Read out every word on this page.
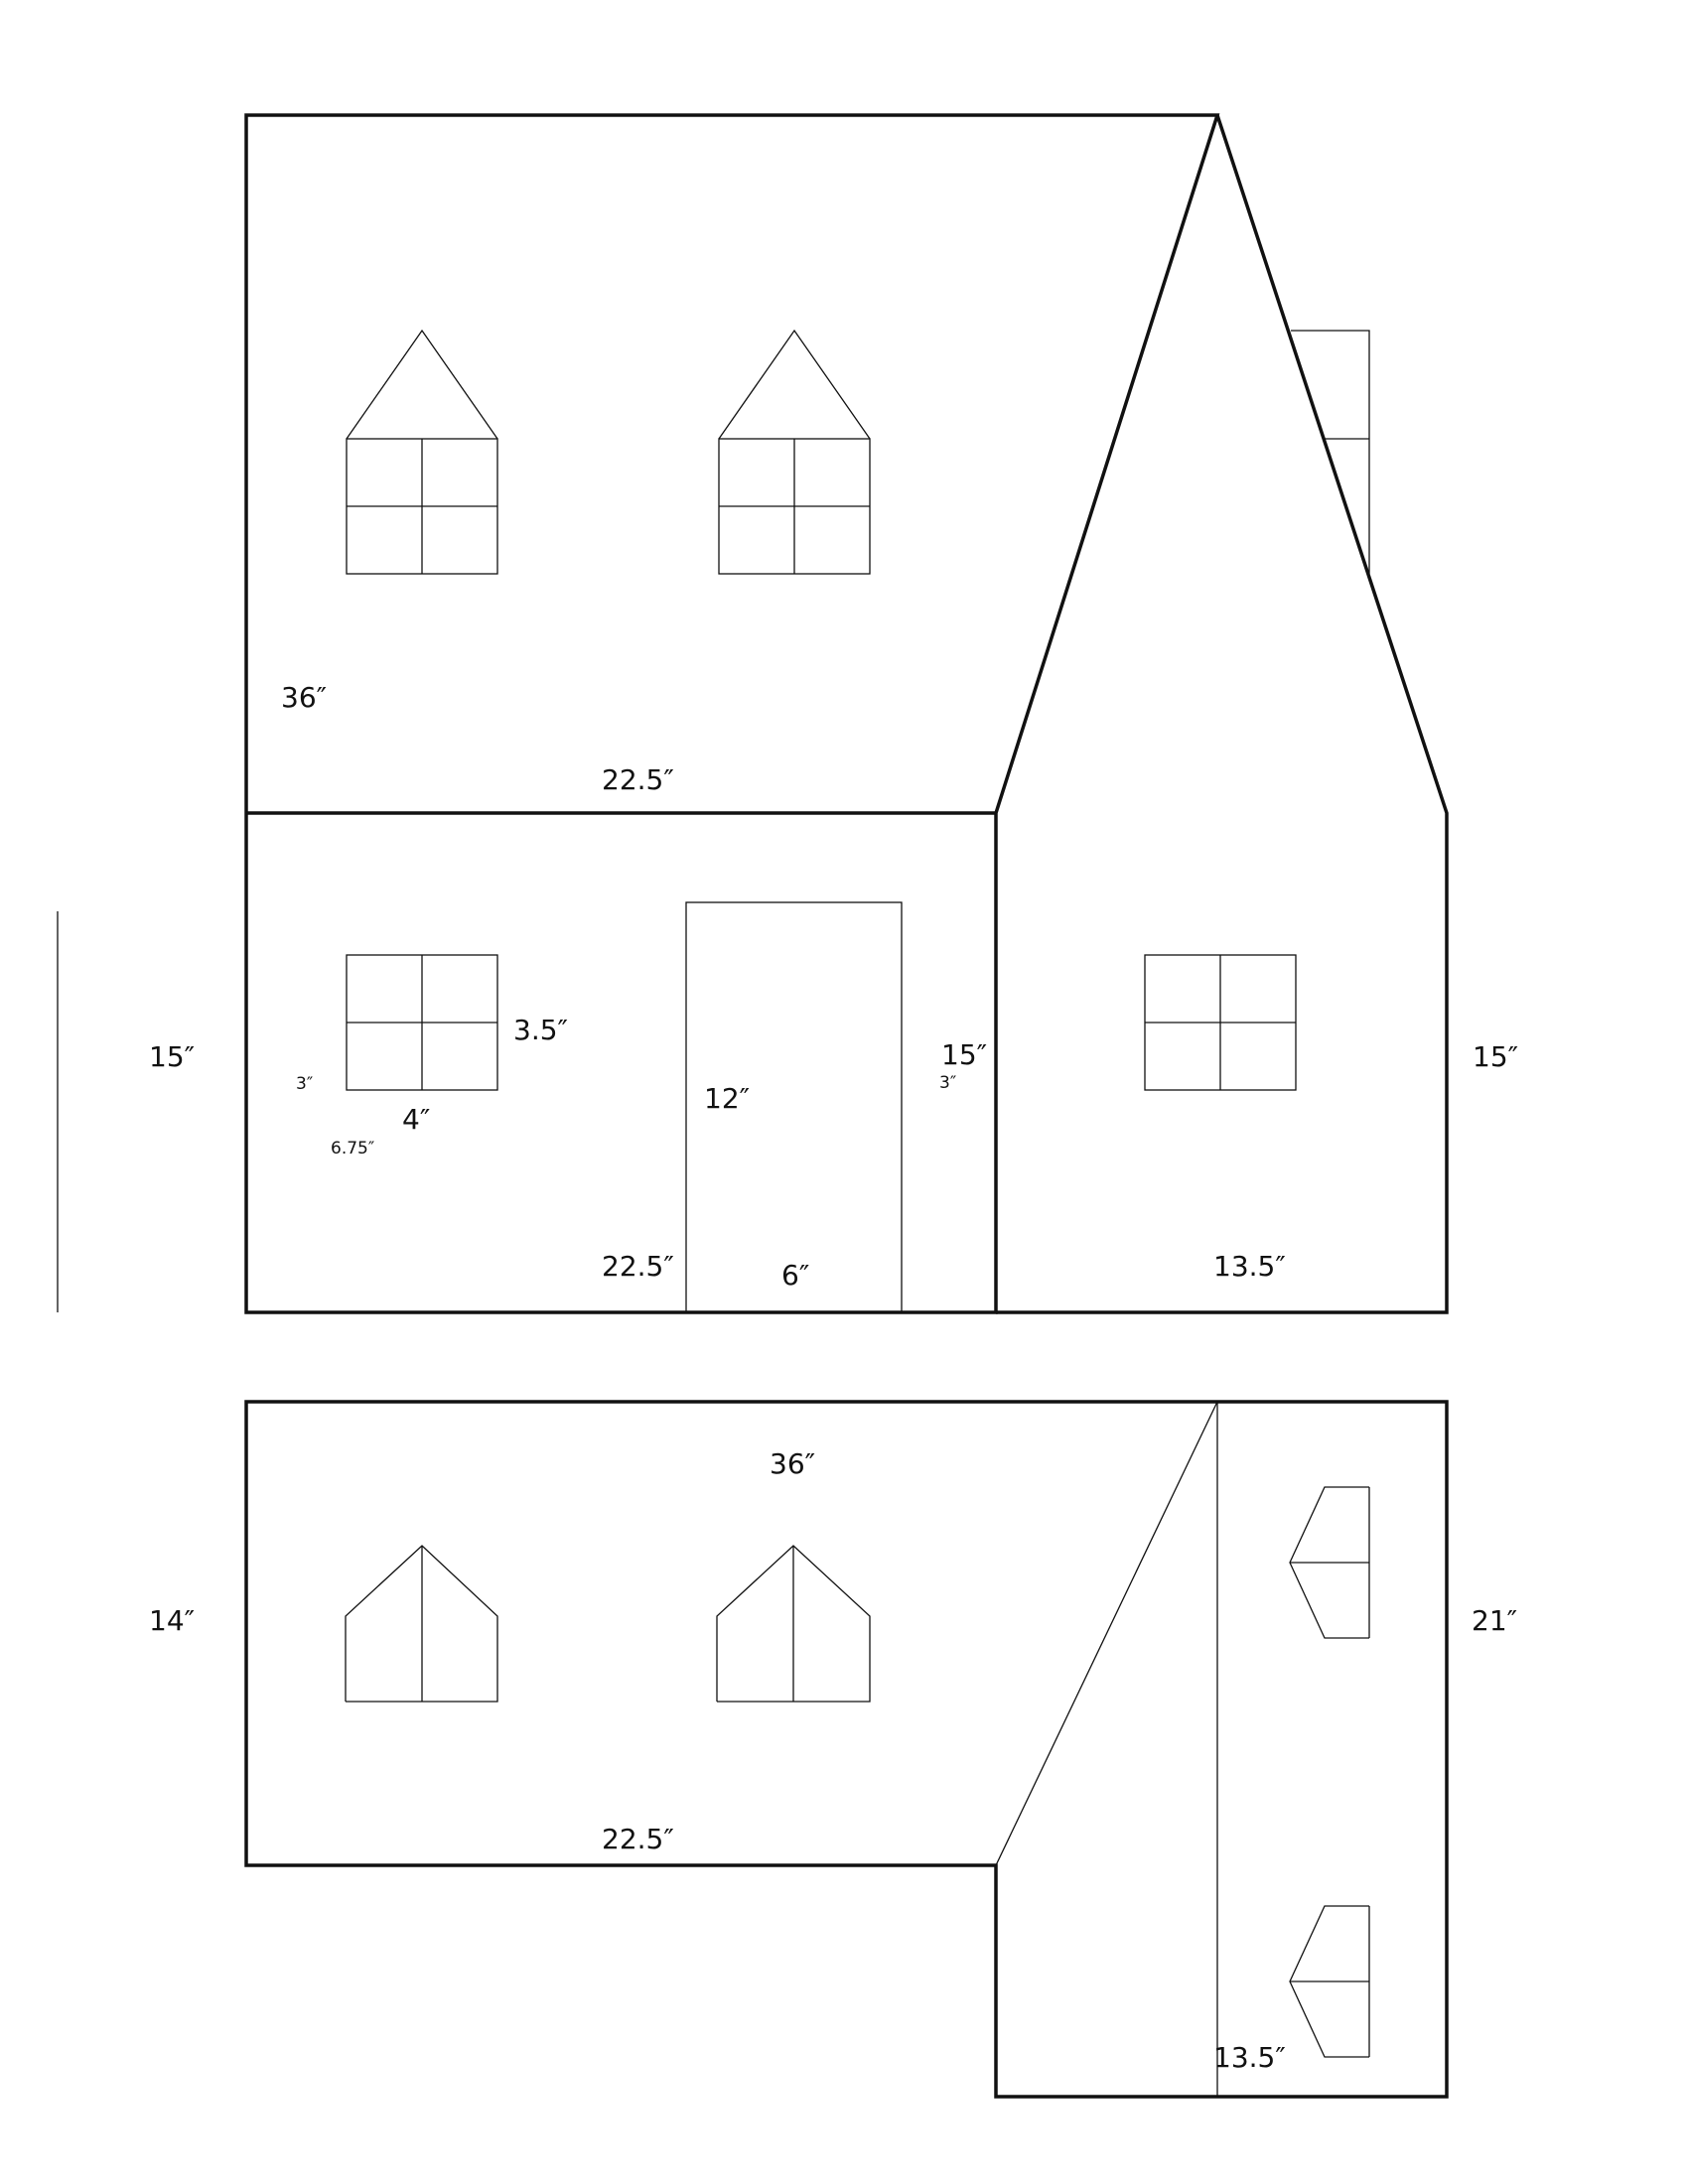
36″
22.5″
15″
3.5″
4″
3″
6.75″
12″
22.5″	6″
15″
3″
15″
13.5″
36″
14″
22.5″
21″
13.5″
